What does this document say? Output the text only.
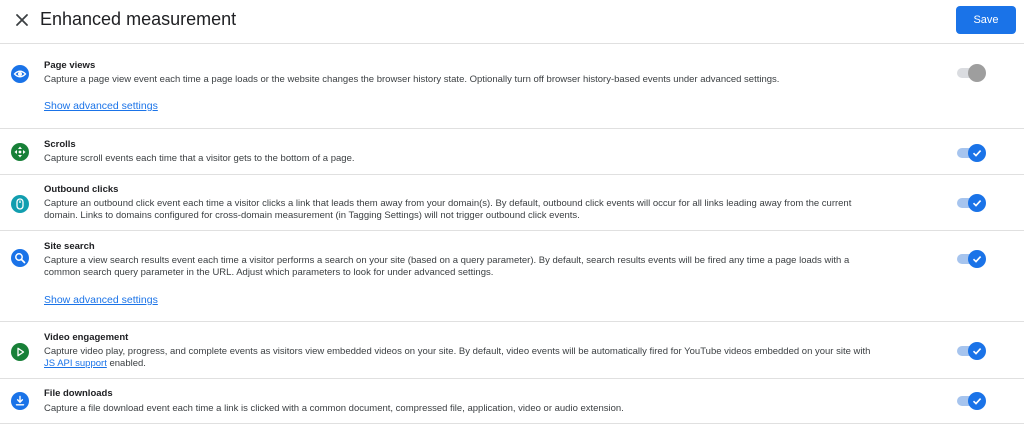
Enhanced measurement	Save
Page views
Capture a page view event each time a page loads or the website changes the browser history state. Optionally turn off browser history-based events under advanced settings.
Show advanced settings
Scrolls
Capture scroll events each time that a visitor gets to the bottom of a page.
Outbound clicks
Capture an outbound click event each time a visitor clicks a link that leads them away from your domain(s). By default, outbound click events will occur for all links leading away from the current domain. Links to domains configured for cross-domain measurement (in Tagging Settings) will not trigger outbound click events.
Site search
Capture a view search results event each time a visitor performs a search on your site (based on a query parameter). By default, search results events will be fired any time a page loads with a common search query parameter in the URL. Adjust which parameters to look for under advanced settings.
Show advanced settings
Video engagement
Capture video play, progress, and complete events as visitors view embedded videos on your site. By default, video events will be automatically fired for YouTube videos embedded on your site with JS API support enabled.
File downloads
Capture a file download event each time a link is clicked with a common document, compressed file, application, video or audio extension.
